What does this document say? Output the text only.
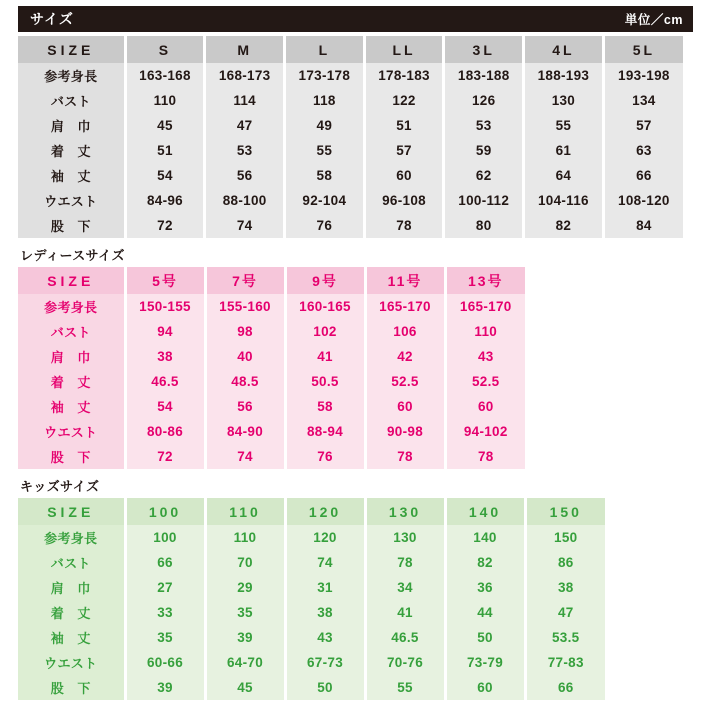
サイズ	単位／cm
SIZE	S	M	L	LL	3L	4L	5L
参考身長	163-168	168-173	173-178	178-183	183-188	188-193	193-198
バスト	110	114	118	122	126	130	134
肩　巾	45	47	49	51	53	55	57
着　丈	51	53	55	57	59	61	63
袖　丈	54	56	58	60	62	64	66
ウエスト	84-96	88-100	92-104	96-108	100-112	104-116	108-120
股　下	72	74	76	78	80	82	84
レディースサイズ
SIZE	5号	7号	9号	11号	13号
参考身長	150-155	155-160	160-165	165-170	165-170
バスト	94	98	102	106	110
肩　巾	38	40	41	42	43
着　丈	46.5	48.5	50.5	52.5	52.5
袖　丈	54	56	58	60	60
ウエスト	80-86	84-90	88-94	90-98	94-102
股　下	72	74	76	78	78
キッズサイズ
SIZE	100	110	120	130	140	150
参考身長	100	110	120	130	140	150
バスト	66	70	74	78	82	86
肩　巾	27	29	31	34	36	38
着　丈	33	35	38	41	44	47
袖　丈	35	39	43	46.5	50	53.5
ウエスト	60-66	64-70	67-73	70-76	73-79	77-83
股　下	39	45	50	55	60	66
